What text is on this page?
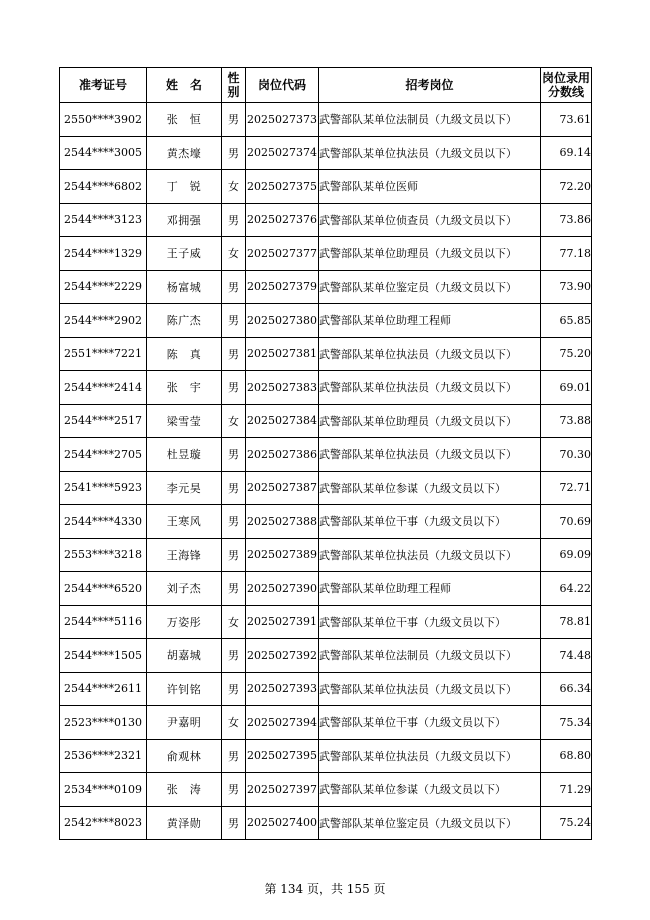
准考证号	姓　名	性别	岗位代码	招考岗位	岗位录用分数线
2550****3902	张　恒	男	2025027373	武警部队某单位法制员（九级文员以下）	73.61
2544****3005	黄杰壕	男	2025027374	武警部队某单位执法员（九级文员以下）	69.14
2544****6802	丁　锐	女	2025027375	武警部队某单位医师	72.20
2544****3123	邓拥强	男	2025027376	武警部队某单位侦查员（九级文员以下）	73.86
2544****1329	王子威	女	2025027377	武警部队某单位助理员（九级文员以下）	77.18
2544****2229	杨富城	男	2025027379	武警部队某单位鉴定员（九级文员以下）	73.90
2544****2902	陈广杰	男	2025027380	武警部队某单位助理工程师	65.85
2551****7221	陈　真	男	2025027381	武警部队某单位执法员（九级文员以下）	75.20
2544****2414	张　宇	男	2025027383	武警部队某单位执法员（九级文员以下）	69.01
2544****2517	梁雪莹	女	2025027384	武警部队某单位助理员（九级文员以下）	73.88
2544****2705	杜昱璇	男	2025027386	武警部队某单位执法员（九级文员以下）	70.30
2541****5923	李元昊	男	2025027387	武警部队某单位参谋（九级文员以下）	72.71
2544****4330	王寒风	男	2025027388	武警部队某单位干事（九级文员以下）	70.69
2553****3218	王海锋	男	2025027389	武警部队某单位执法员（九级文员以下）	69.09
2544****6520	刘子杰	男	2025027390	武警部队某单位助理工程师	64.22
2544****5116	万姿彤	女	2025027391	武警部队某单位干事（九级文员以下）	78.81
2544****1505	胡嘉城	男	2025027392	武警部队某单位法制员（九级文员以下）	74.48
2544****2611	许钊铭	男	2025027393	武警部队某单位执法员（九级文员以下）	66.34
2523****0130	尹嘉明	女	2025027394	武警部队某单位干事（九级文员以下）	75.34
2536****2321	俞观林	男	2025027395	武警部队某单位执法员（九级文员以下）	68.80
2534****0109	张　涛	男	2025027397	武警部队某单位参谋（九级文员以下）	71.29
2542****8023	黄泽勋	男	2025027400	武警部队某单位鉴定员（九级文员以下）	75.24
第 134 页，共 155 页
